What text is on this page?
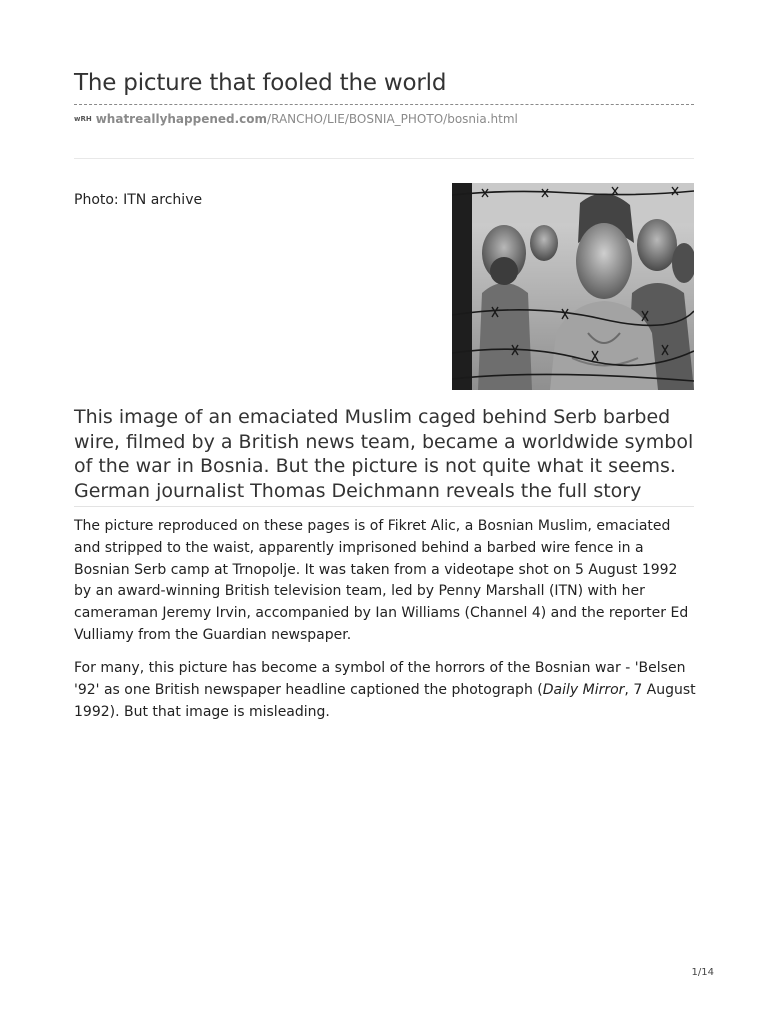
The picture that fooled the world
wRH whatreallyhappened.com/RANCHO/LIE/BOSNIA_PHOTO/bosnia.html
Photo: ITN archive
This image of an emaciated Muslim caged behind Serb barbed wire, filmed by a British news team, became a worldwide symbol of the war in Bosnia. But the picture is not quite what it seems. German journalist Thomas Deichmann reveals the full story

The picture reproduced on these pages is of Fikret Alic, a Bosnian Muslim, emaciated and stripped to the waist, apparently imprisoned behind a barbed wire fence in a Bosnian Serb camp at Trnopolje. It was taken from a videotape shot on 5 August 1992 by an award-winning British television team, led by Penny Marshall (ITN) with her cameraman Jeremy Irvin, accompanied by Ian Williams (Channel 4) and the reporter Ed Vulliamy from the Guardian newspaper.

For many, this picture has become a symbol of the horrors of the Bosnian war - 'Belsen '92' as one British newspaper headline captioned the photograph (Daily Mirror, 7 August 1992). But that image is misleading.

1/14
